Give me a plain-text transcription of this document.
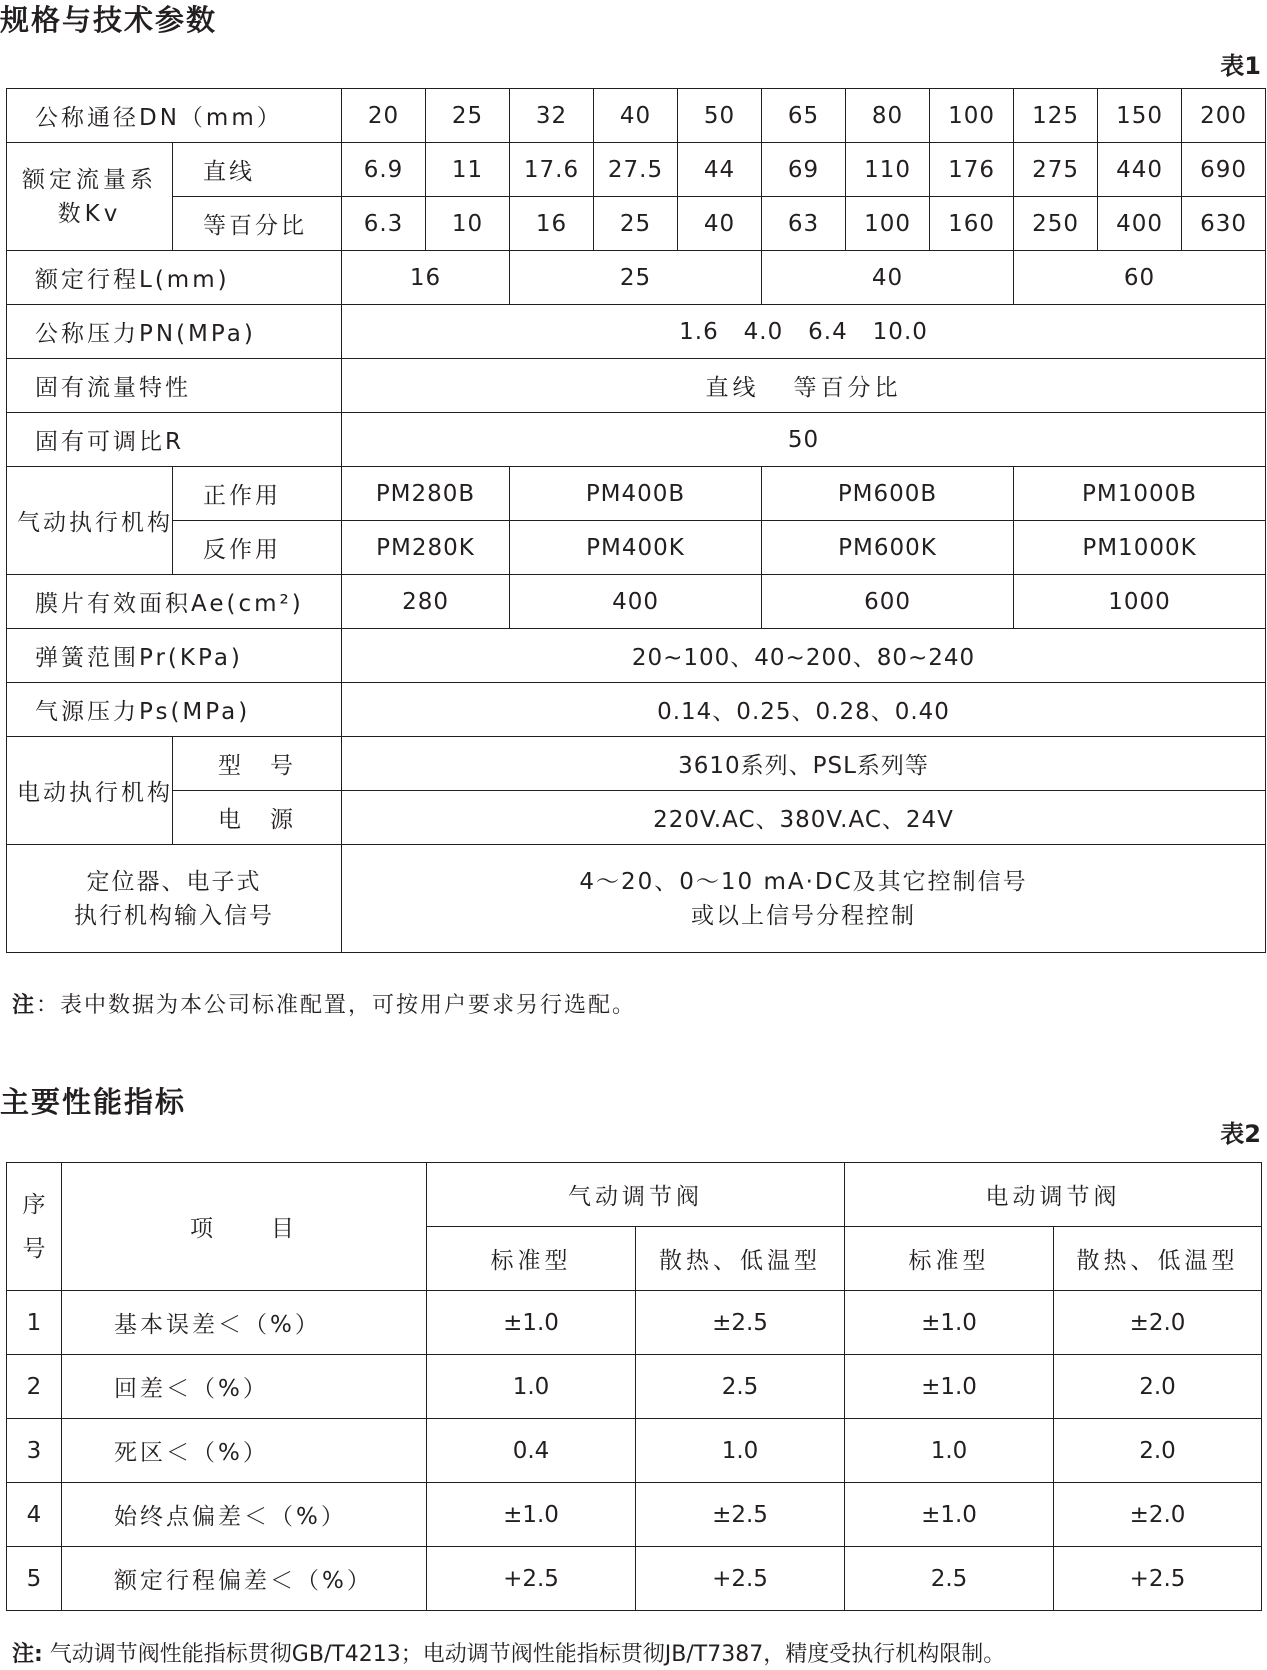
规格与技术参数
表1
公称通径DN（mm）		20	25	32	40	50	65	80	100	125	150	200
额定流量系数Kv	直线	6.9	11	17.6	27.5	44	69	110	176	275	440	690
	等百分比	6.3	10	16	25	40	63	100	160	250	400	630
额定行程L(mm)		16		25			40			60		
公称压力PN(MPa)		1.6   4.0   6.4   10.0										
固有流量特性		直线   等百分比										
固有可调比R		50										
气动执行机构	正作用	PM280B		PM400B			PM600B			PM1000B		
	反作用	PM280K		PM400K			PM600K			PM1000K		
膜片有效面积Ae(cm²)		280		400			600			1000		
弹簧范围Pr(KPa)		20~100、40~200、80~240										
气源压力Ps(MPa)		0.14、0.25、0.28、0.40										
电动执行机构	型　号	3610系列、PSL系列等										
	电　源	220V.AC、380V.AC、24V										

定位器、电子式
执行机构输入信号		4～20、0～10 mA·DC及其它控制信号
或以上信号分程控制										
注：表中数据为本公司标准配置，可按用户要求另行选配。
主要性能指标
表2
序
号	项　　目	气动调节阀		电动调节阀	
		标准型	散热、低温型	标准型	散热、低温型
1	基本误差＜（%）	±1.0	±2.5	±1.0	±2.0
2	回差＜（%）	1.0	2.5	±1.0	2.0
3	死区＜（%）	0.4	1.0	1.0	2.0
4	始终点偏差＜（%）	±1.0	±2.5	±1.0	±2.0
5	额定行程偏差＜（%）	+2.5	+2.5	2.5	+2.5
注: 气动调节阀性能指标贯彻GB/T4213；电动调节阀性能指标贯彻JB/T7387，精度受执行机构限制。
